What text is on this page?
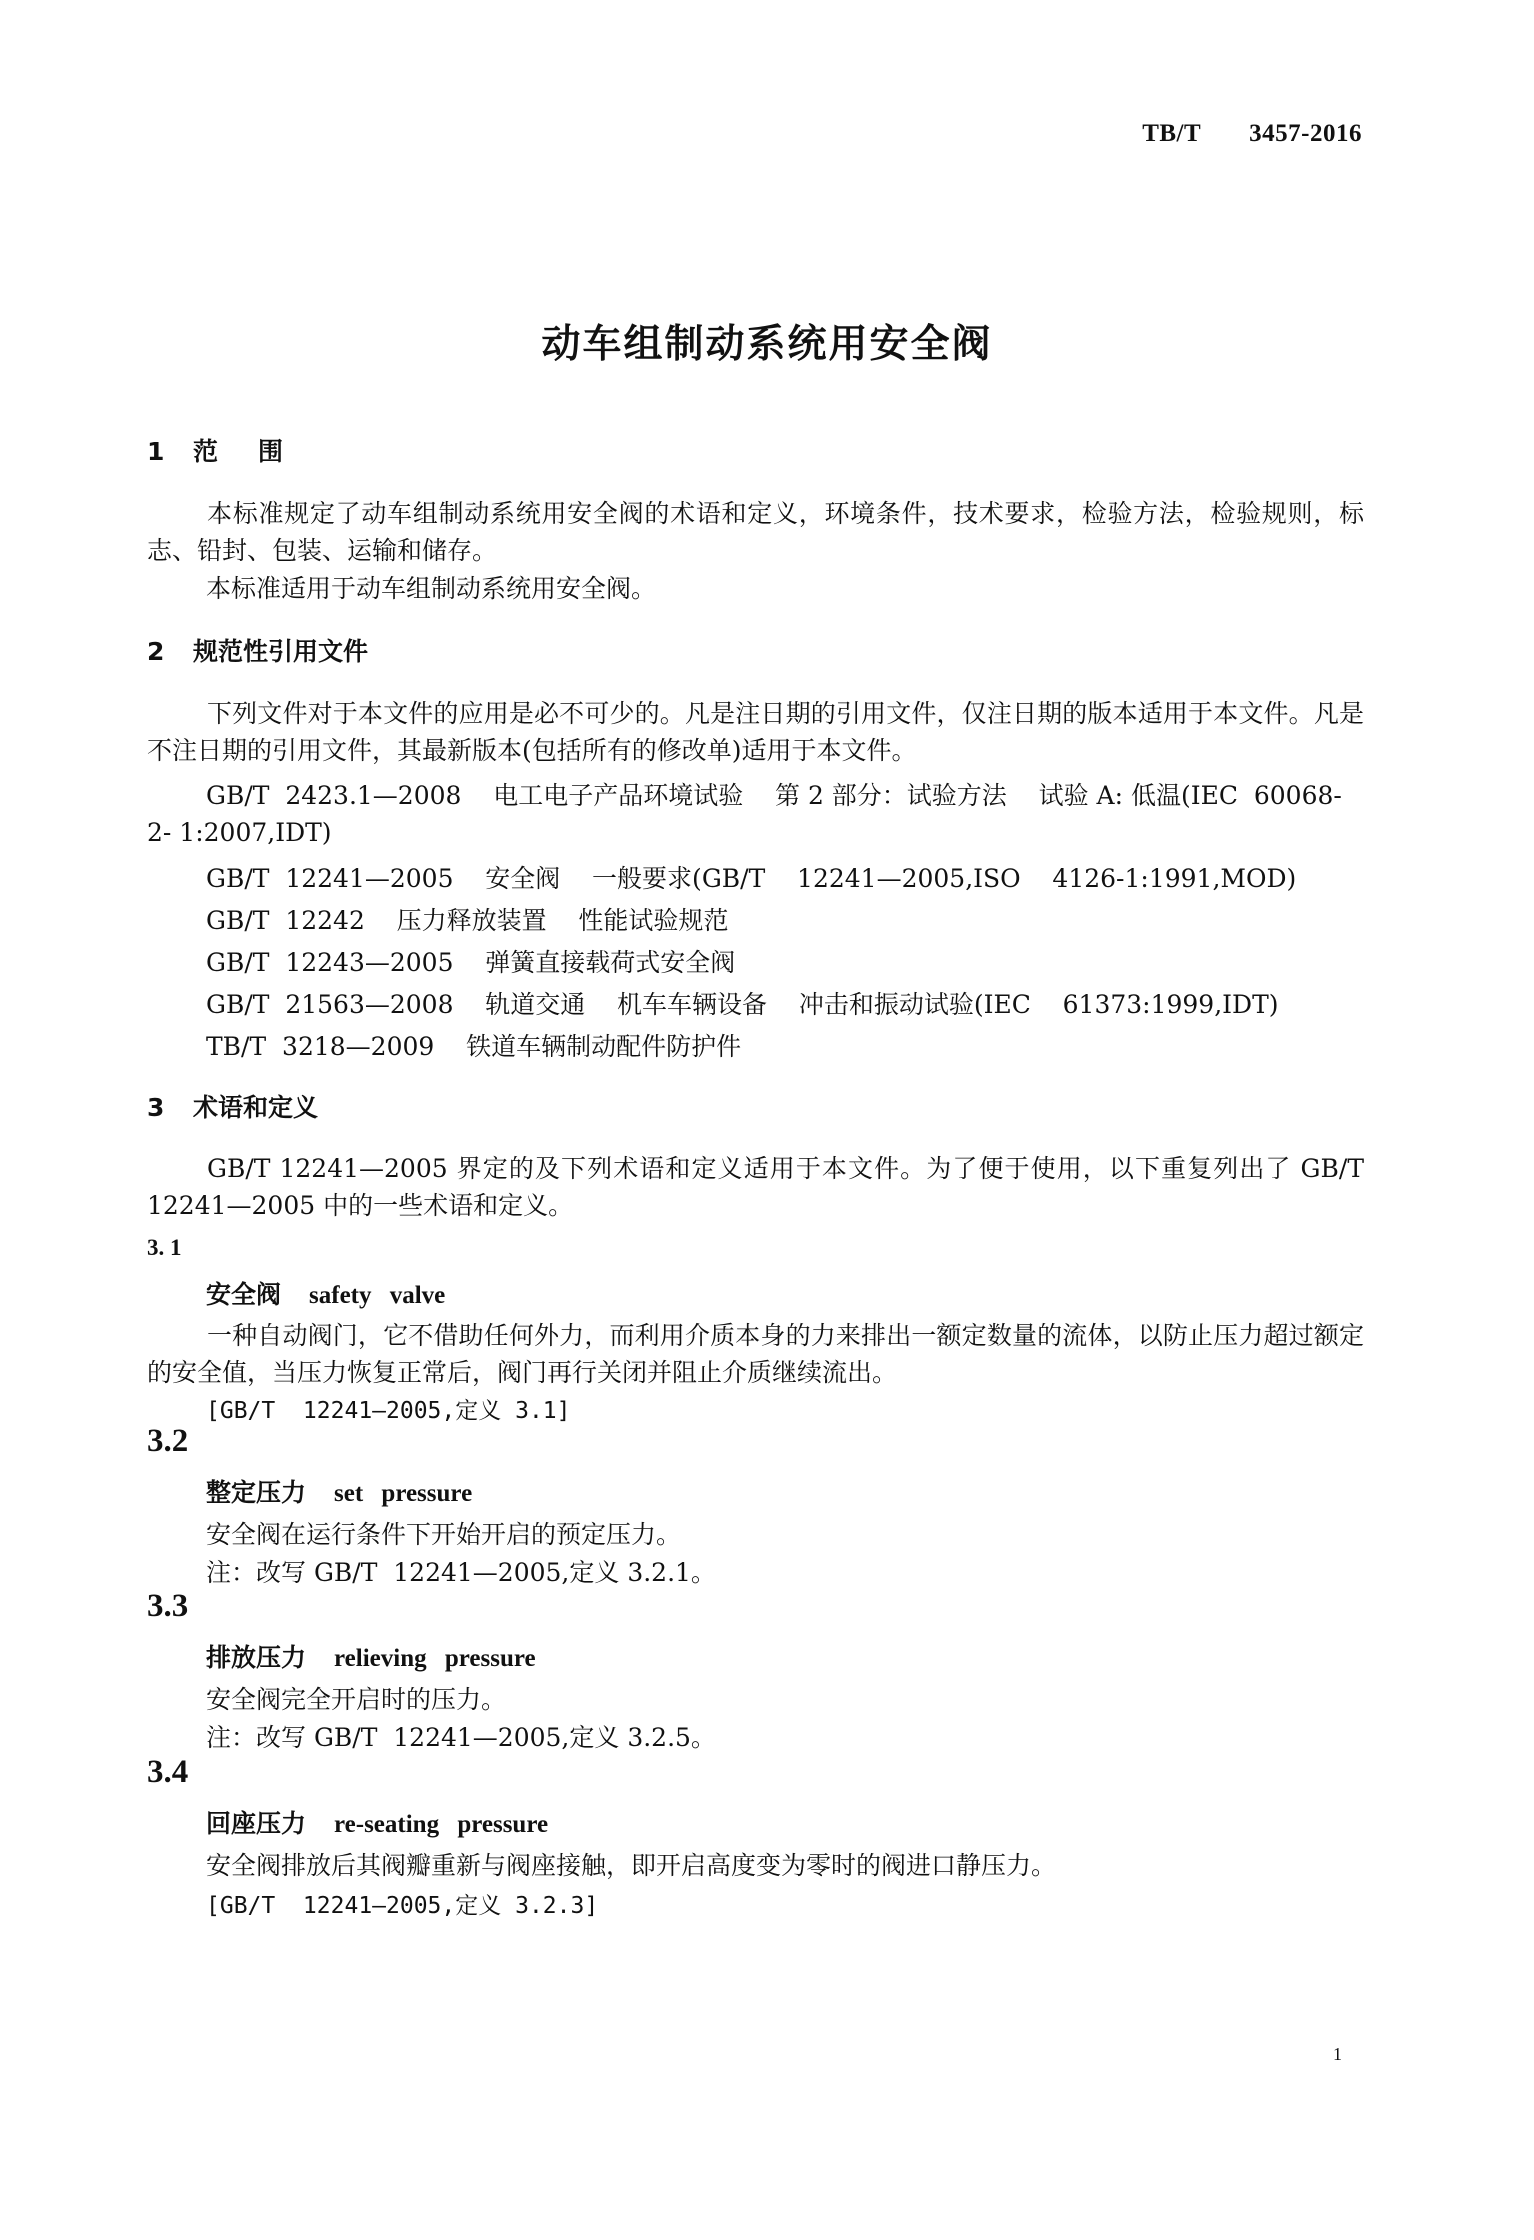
TB/T 3457-2016
动车组制动系统用安全阀
1 范围
本标准规定了动车组制动系统用安全阀的术语和定义，环境条件，技术要求，检验方法，检验规则，标志、铅封、包装、运输和储存。
本标准适用于动车组制动系统用安全阀。
2 规范性引用文件
下列文件对于本文件的应用是必不可少的。凡是注日期的引用文件，仅注日期的版本适用于本文件。凡是不注日期的引用文件，其最新版本(包括所有的修改单)适用于本文件。
GB/T  2423.1—2008    电工电子产品环境试验    第 2 部分：试验方法    试验 A: 低温(IEC  60068-
2- 1:2007,IDT)
GB/T  12241—2005    安全阀    一般要求(GB/T    12241—2005,ISO    4126-1:1991,MOD)
GB/T  12242    压力释放装置    性能试验规范
GB/T  12243—2005    弹簧直接载荷式安全阀
GB/T  21563—2008    轨道交通    机车车辆设备    冲击和振动试验(IEC    61373:1999,IDT)
TB/T  3218—2009    铁道车辆制动配件防护件
3 术语和定义
GB/T 12241—2005 界定的及下列术语和定义适用于本文件。为了便于使用，以下重复列出了 GB/T 12241—2005 中的一些术语和定义。
3. 1
安全阀 safety valve
一种自动阀门，它不借助任何外力，而利用介质本身的力来排出一额定数量的流体，以防止压力超过额定的安全值，当压力恢复正常后，阀门再行关闭并阻止介质继续流出。
[GB/T  12241—2005,定义 3.1]
3.2
整定压力 set pressure
安全阀在运行条件下开始开启的预定压力。
注：改写 GB/T  12241—2005,定义 3.2.1。
3.3
排放压力 relieving pressure
安全阀完全开启时的压力。
注：改写 GB/T  12241—2005,定义 3.2.5。
3.4
回座压力 re-seating pressure
安全阀排放后其阀瓣重新与阀座接触，即开启高度变为零时的阀进口静压力。
[GB/T  12241—2005,定义 3.2.3]
1
